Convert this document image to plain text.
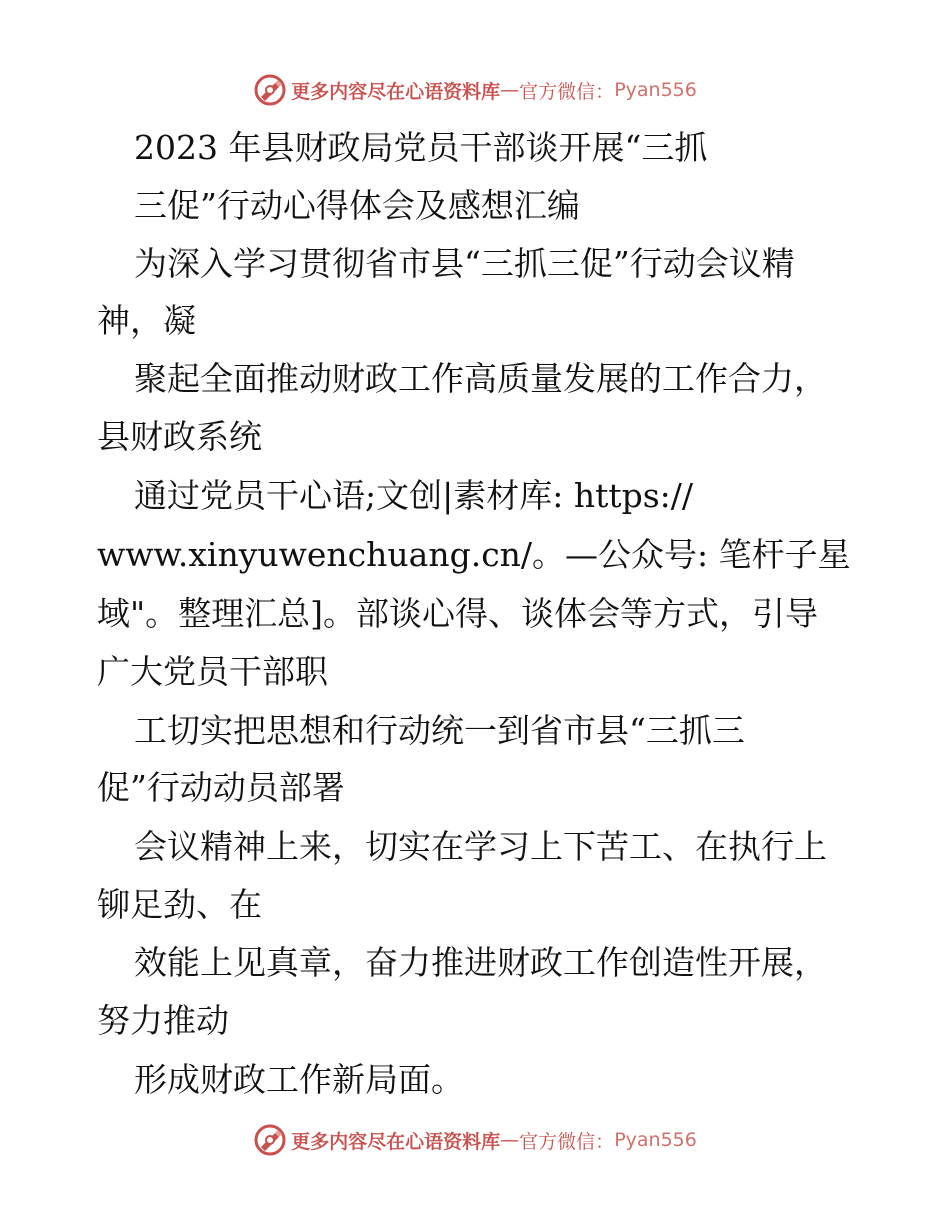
更多内容尽在心语资料库 — 官方微信： Pyan556
2023 年县财政局党员干部谈开展“三抓
三促”行动心得体会及感想汇编
为深入学习贯彻省市县“三抓三促”行动会议精
神，凝
聚起全面推动财政工作高质量发展的工作合力，
县财政系统
通过党员干心语;文创|素材库: https://
www.xinyuwenchuang.cn/。—公众号: 笔杆子星
域"。整理汇总]。部谈心得、谈体会等方式，引导
广大党员干部职
工切实把思想和行动统一到省市县“三抓三
促”行动动员部署
会议精神上来，切实在学习上下苦工、在执行上
铆足劲、在
效能上见真章，奋力推进财政工作创造性开展，
努力推动
形成财政工作新局面。
更多内容尽在心语资料库 — 官方微信： Pyan556
